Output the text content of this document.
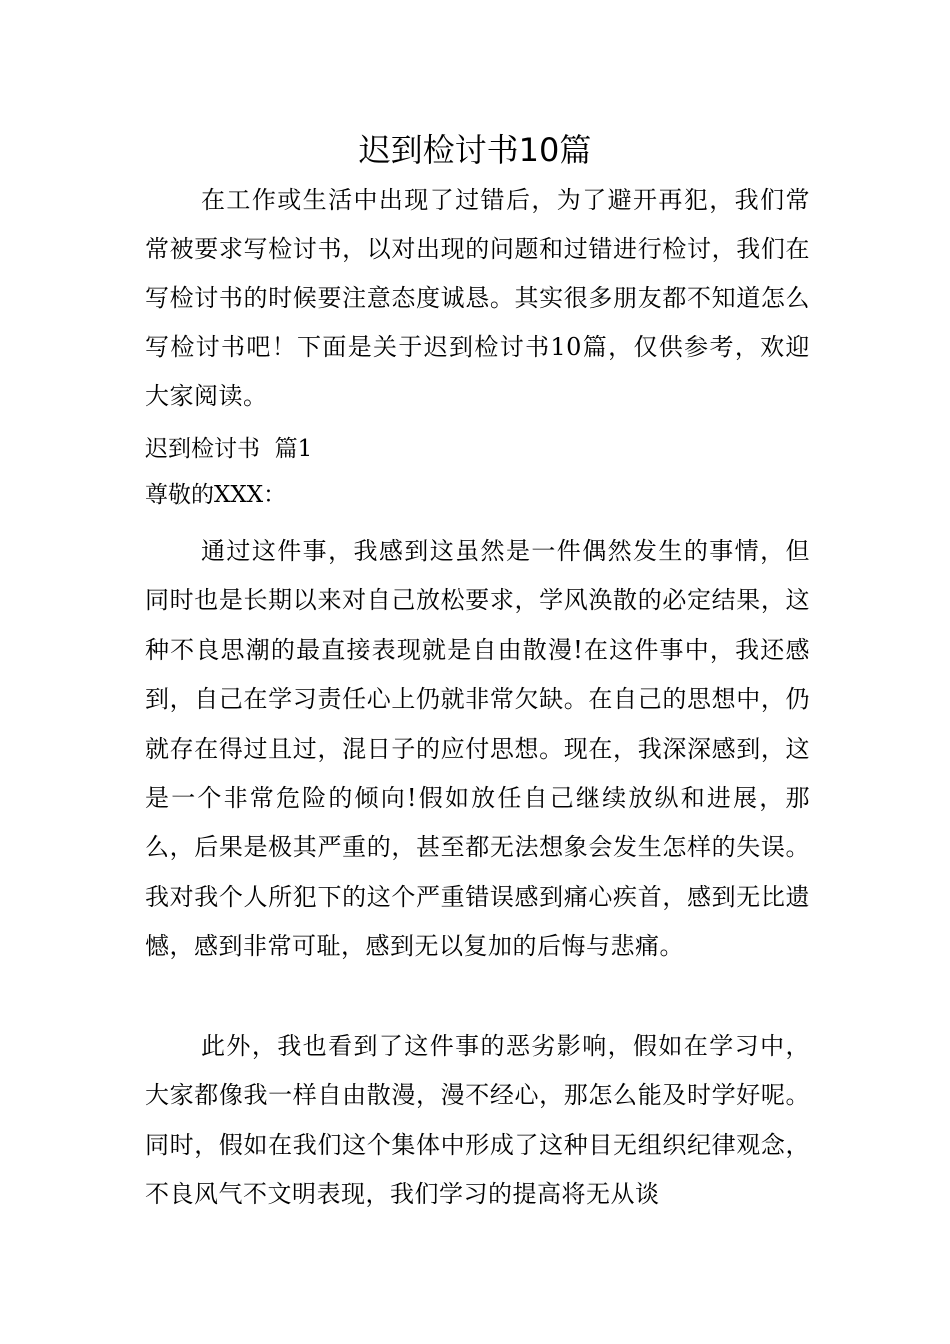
迟到检讨书10篇
在工作或生活中出现了过错后，为了避开再犯，我们常常被要求写检讨书，以对出现的问题和过错进行检讨，我们在写检讨书的时候要注意态度诚恳。其实很多朋友都不知道怎么写检讨书吧！下面是关于迟到检讨书10篇，仅供参考，欢迎大家阅读。
迟到检讨书  篇1
尊敬的XXX：
通过这件事，我感到这虽然是一件偶然发生的事情，但同时也是长期以来对自己放松要求，学风涣散的必定结果，这种不良思潮的最直接表现就是自由散漫!在这件事中，我还感到，自己在学习责任心上仍就非常欠缺。在自己的思想中，仍就存在得过且过，混日子的应付思想。现在，我深深感到，这是一个非常危险的倾向!假如放任自己继续放纵和进展，那么，后果是极其严重的，甚至都无法想象会发生怎样的失误。我对我个人所犯下的这个严重错误感到痛心疾首，感到无比遗憾，感到非常可耻，感到无以复加的后悔与悲痛。
此外，我也看到了这件事的恶劣影响，假如在学习中，大家都像我一样自由散漫，漫不经心，那怎么能及时学好呢。同时，假如在我们这个集体中形成了这种目无组织纪律观念，不良风气不文明表现，我们学习的提高将无从谈
